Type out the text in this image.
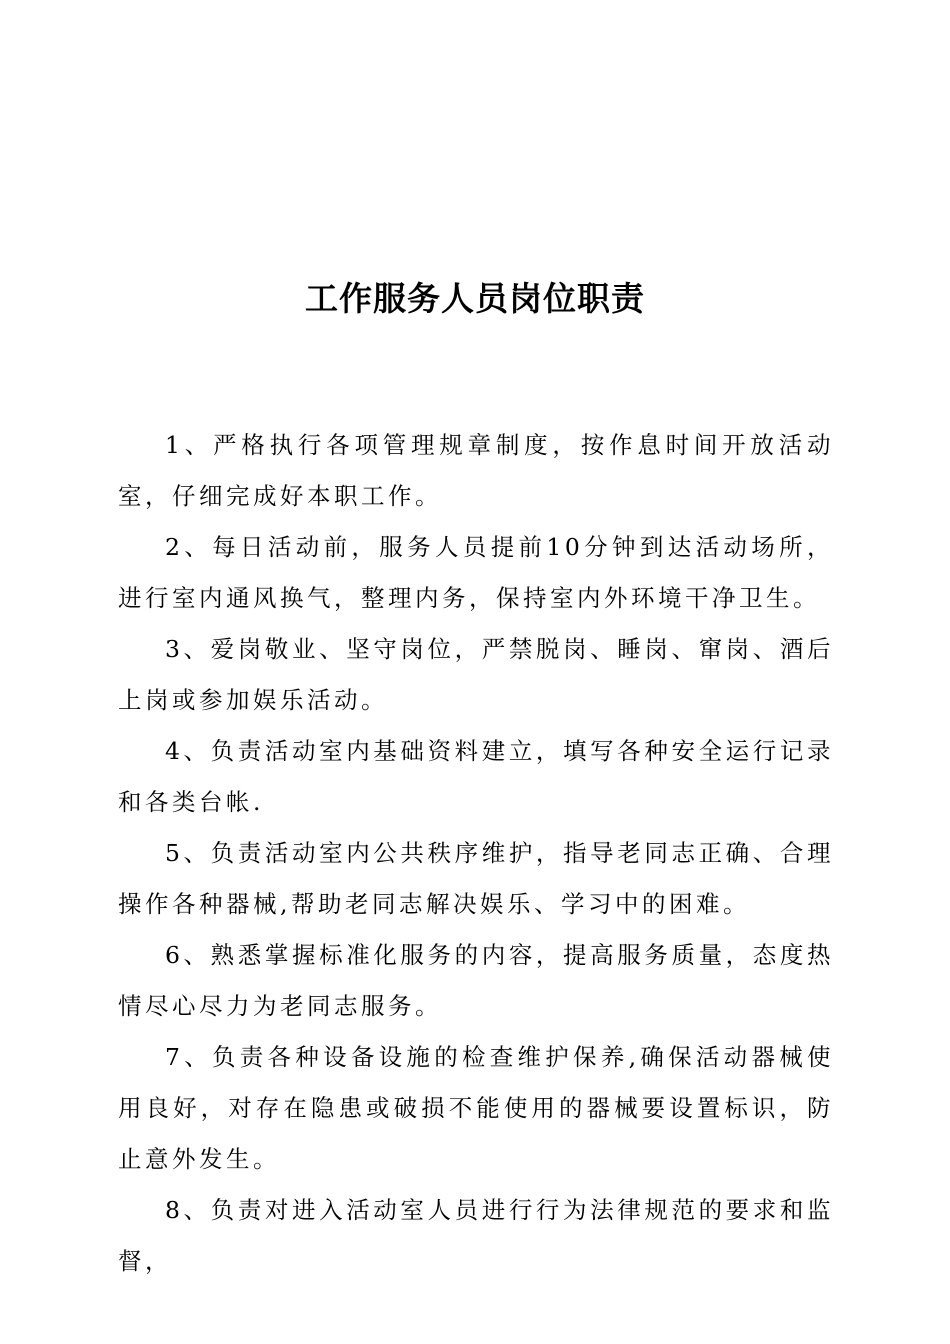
工作服务人员岗位职责

1、严格执行各项管理规章制度，按作息时间开放活动室，仔细完成好本职工作。

2、每日活动前，服务人员提前10分钟到达活动场所，进行室内通风换气，整理内务，保持室内外环境干净卫生。

3、爱岗敬业、坚守岗位，严禁脱岗、睡岗、窜岗、酒后上岗或参加娱乐活动。

4、负责活动室内基础资料建立，填写各种安全运行记录和各类台帐.

5、负责活动室内公共秩序维护，指导老同志正确、合理操作各种器械,帮助老同志解决娱乐、学习中的困难。

6、熟悉掌握标准化服务的内容，提高服务质量，态度热情尽心尽力为老同志服务。

7、负责各种设备设施的检查维护保养,确保活动器械使用良好，对存在隐患或破损不能使用的器械要设置标识，防止意外发生。

8、负责对进入活动室人员进行行为法律规范的要求和监督，
